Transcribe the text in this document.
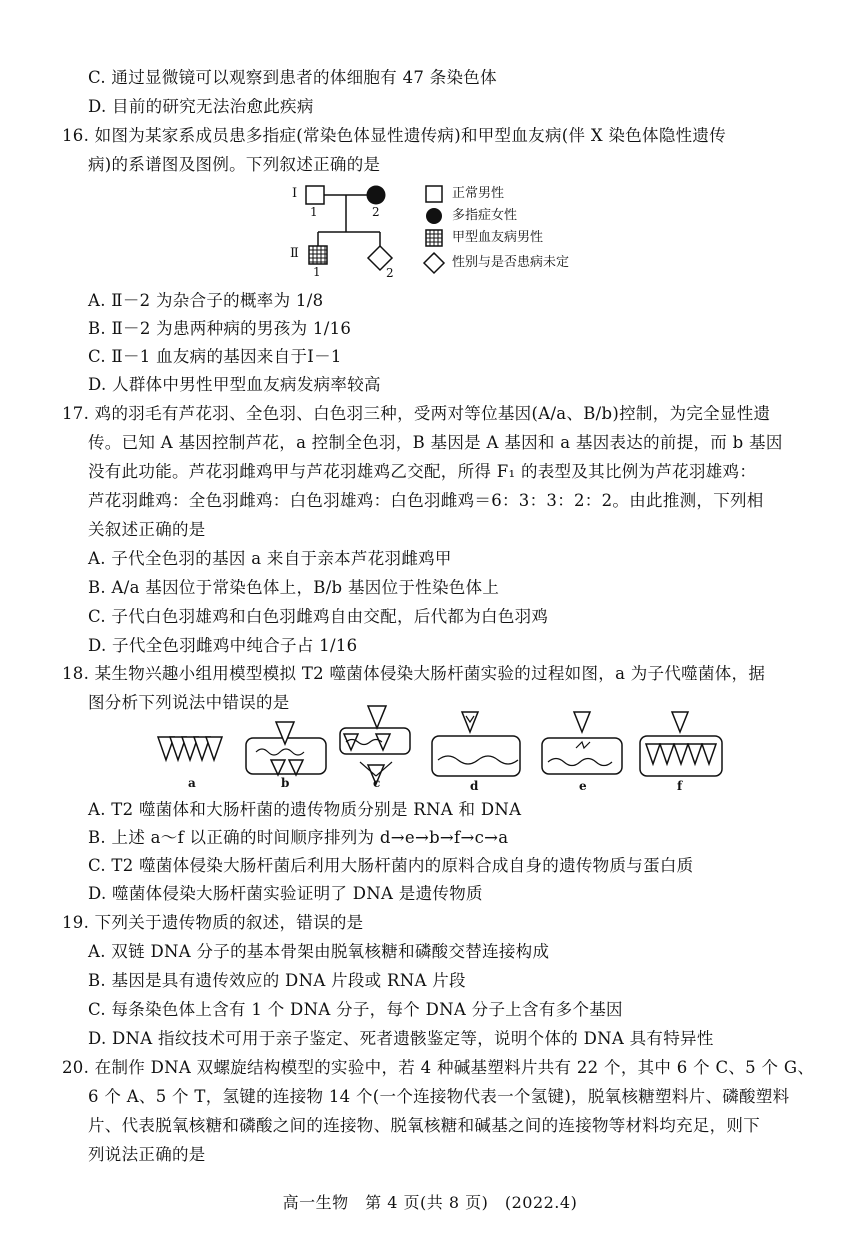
C. 通过显微镜可以观察到患者的体细胞有 47 条染色体
D. 目前的研究无法治愈此疾病
16. 如图为某家系成员患多指症(常染色体显性遗传病)和甲型血友病(伴 X 染色体隐性遗传
病)的系谱图及图例。下列叙述正确的是
Ⅰ
1	2
Ⅱ
1	2
正常男性
多指症女性
甲型血友病男性
性别与是否患病未定
A. Ⅱ－2 为杂合子的概率为 1/8
B. Ⅱ－2 为患两种病的男孩为 1/16
C. Ⅱ－1 血友病的基因来自于Ⅰ－1
D. 人群体中男性甲型血友病发病率较高
17. 鸡的羽毛有芦花羽、全色羽、白色羽三种，受两对等位基因(A/a、B/b)控制，为完全显性遗
传。已知 A 基因控制芦花，a 控制全色羽，B 基因是 A 基因和 a 基因表达的前提，而 b 基因
没有此功能。芦花羽雌鸡甲与芦花羽雄鸡乙交配，所得 F₁ 的表型及其比例为芦花羽雄鸡：
芦花羽雌鸡：全色羽雌鸡：白色羽雄鸡：白色羽雌鸡＝6：3：3：2：2。由此推测，下列相
关叙述正确的是
A. 子代全色羽的基因 a 来自于亲本芦花羽雌鸡甲
B. A/a 基因位于常染色体上，B/b 基因位于性染色体上
C. 子代白色羽雄鸡和白色羽雌鸡自由交配，后代都为白色羽鸡
D. 子代全色羽雌鸡中纯合子占 1/16
18. 某生物兴趣小组用模型模拟 T2 噬菌体侵染大肠杆菌实验的过程如图，a 为子代噬菌体，据
图分析下列说法中错误的是
a	b	c	d	e	f
A. T2 噬菌体和大肠杆菌的遗传物质分别是 RNA 和 DNA
B. 上述 a～f 以正确的时间顺序排列为 d→e→b→f→c→a
C. T2 噬菌体侵染大肠杆菌后利用大肠杆菌内的原料合成自身的遗传物质与蛋白质
D. 噬菌体侵染大肠杆菌实验证明了 DNA 是遗传物质
19. 下列关于遗传物质的叙述，错误的是
A. 双链 DNA 分子的基本骨架由脱氧核糖和磷酸交替连接构成
B. 基因是具有遗传效应的 DNA 片段或 RNA 片段
C. 每条染色体上含有 1 个 DNA 分子，每个 DNA 分子上含有多个基因
D. DNA 指纹技术可用于亲子鉴定、死者遗骸鉴定等，说明个体的 DNA 具有特异性
20. 在制作 DNA 双螺旋结构模型的实验中，若 4 种碱基塑料片共有 22 个，其中 6 个 C、5 个 G、
6 个 A、5 个 T，氢键的连接物 14 个(一个连接物代表一个氢键)，脱氧核糖塑料片、磷酸塑料
片、代表脱氧核糖和磷酸之间的连接物、脱氧核糖和碱基之间的连接物等材料均充足，则下
列说法正确的是
高一生物　第 4 页(共 8 页)　(2022.4)
